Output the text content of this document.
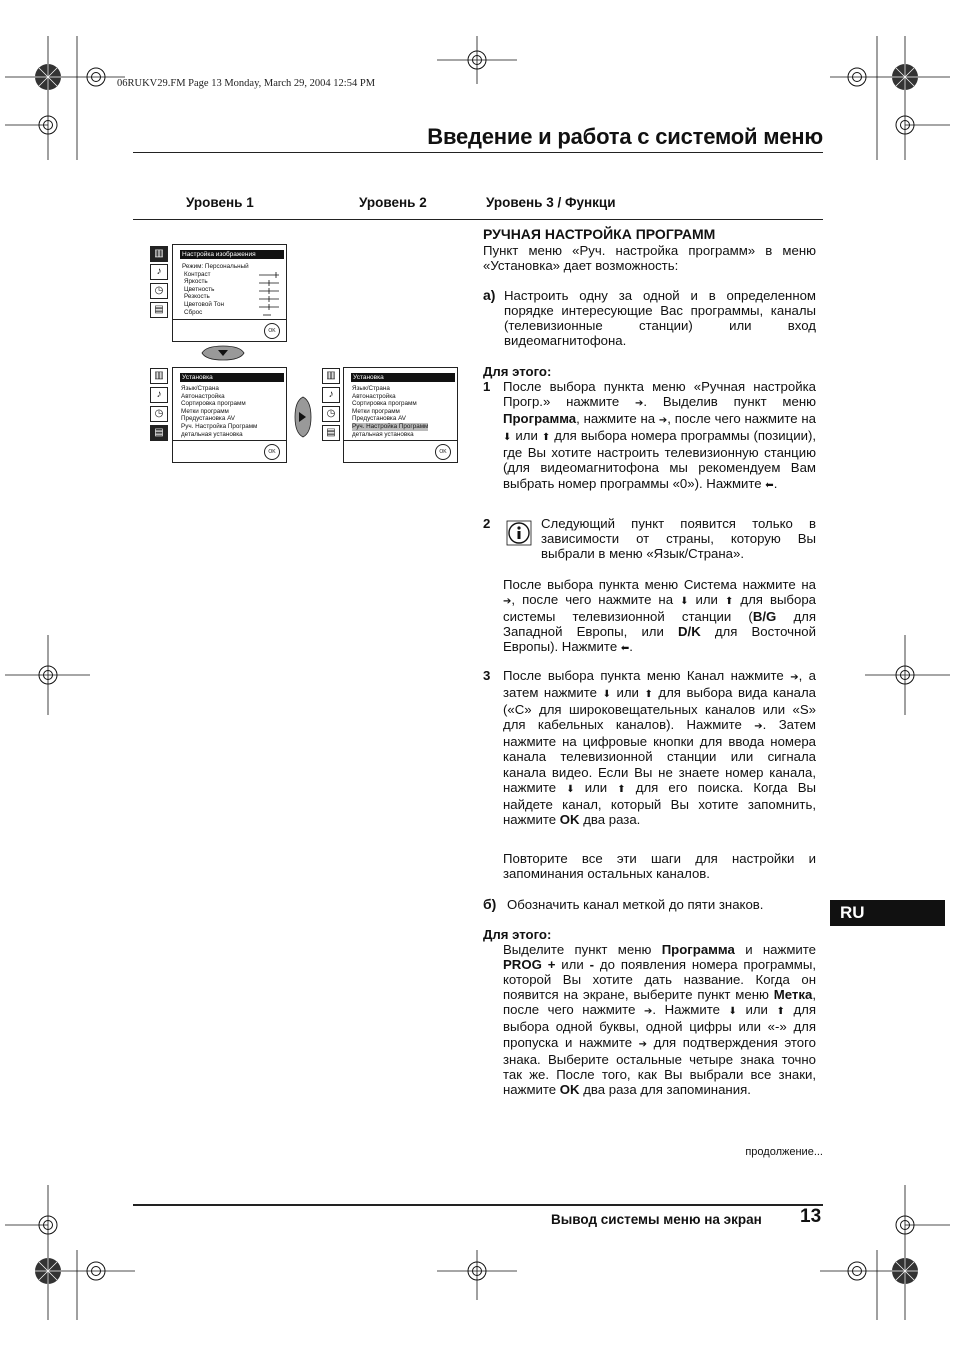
06RUKV29.FM Page 13 Monday, March 29, 2004 12:54 PM
Введение и работа с системой меню
Уровень 1	Уровень 2	Уровень 3 / Функци
▥
♪
◷
▤
Настройка изображения
Режим: Персональный
Контраст
Яркость
Цветность
Резкость
Цветовой Тон
Сброс
OK
▥
♪
◷
▤
Установка
Язык/Страна
Автонастройка
Сортировка программ
Метки программ
Предустановка AV
Руч. Настройка Программ
детальная установка
OK
▥
♪
◷
▤
Установка
Язык/Страна
Автонастройка
Сортировка программ
Метки программ
Предустановка AV
Руч. Настройка Программ
детальная установка
OK
РУЧНАЯ НАСТРОЙКА ПРОГРАММ
Пункт меню «Руч. настройка программ» в меню «Установка» дает возможность:
a) Настроить одну за одной и в определенном порядке интересующие Вас программы, каналы (телевизионные станции) или вход видеомагнитофона.
Для этого:
1 После выбора пункта меню «Ручная настройка Прогр.» нажмите ➔. Выделив пункт меню Программа, нажмите на ➔, после чего нажмите на ⬇ или ⬆ для выбора номера программы (позиции), где Вы хотите настроить телевизионную станцию (для видеомагнитофона мы рекомендуем Вам выбрать номер программы «0»). Нажмите ⬅.
2	Следующий пункт появится только в зависимости от страны, которую Вы выбрали в меню «Язык/Страна».
После выбора пункта меню Система нажмите на ➔, после чего нажмите на ⬇ или ⬆ для выбора системы телевизионной станции (B/G для Западной Европы, или D/K для Восточной Европы). Нажмите ⬅.
3 После выбора пункта меню Канал нажмите ➔, а затем нажмите ⬇ или ⬆ для выбора вида канала («C» для широковещательных каналов или «S» для кабельных каналов). Нажмите ➔. Затем нажмите на цифровые кнопки для ввода номера канала телевизионной станции или сигнала канала видео. Если Вы не знаете номер канала, нажмите ⬇ или ⬆ для его поиска. Когда Вы найдете канал, который Вы хотите запомнить, нажмите OK два раза.
Повторите все эти шаги для настройки и запоминания остальных каналов.
б) Обозначить канал меткой до пяти знаков.
Для этого:
Выделите пункт меню Программа и нажмите PROG + или - до появления номера программы, которой Вы хотите дать название. Когда он появится на экране, выберите пункт меню Метка, после чего нажмите ➔. Нажмите ⬇ или ⬆ для выбора одной буквы, одной цифры или «-» для пропуска и нажмите ➔ для подтверждения этого знака. Выберите остальные четыре знака точно так же. После того, как Вы выбрали все знаки, нажмите OK два раза для запоминания.
продолжение...
RU
Вывод системы меню на экран 13
